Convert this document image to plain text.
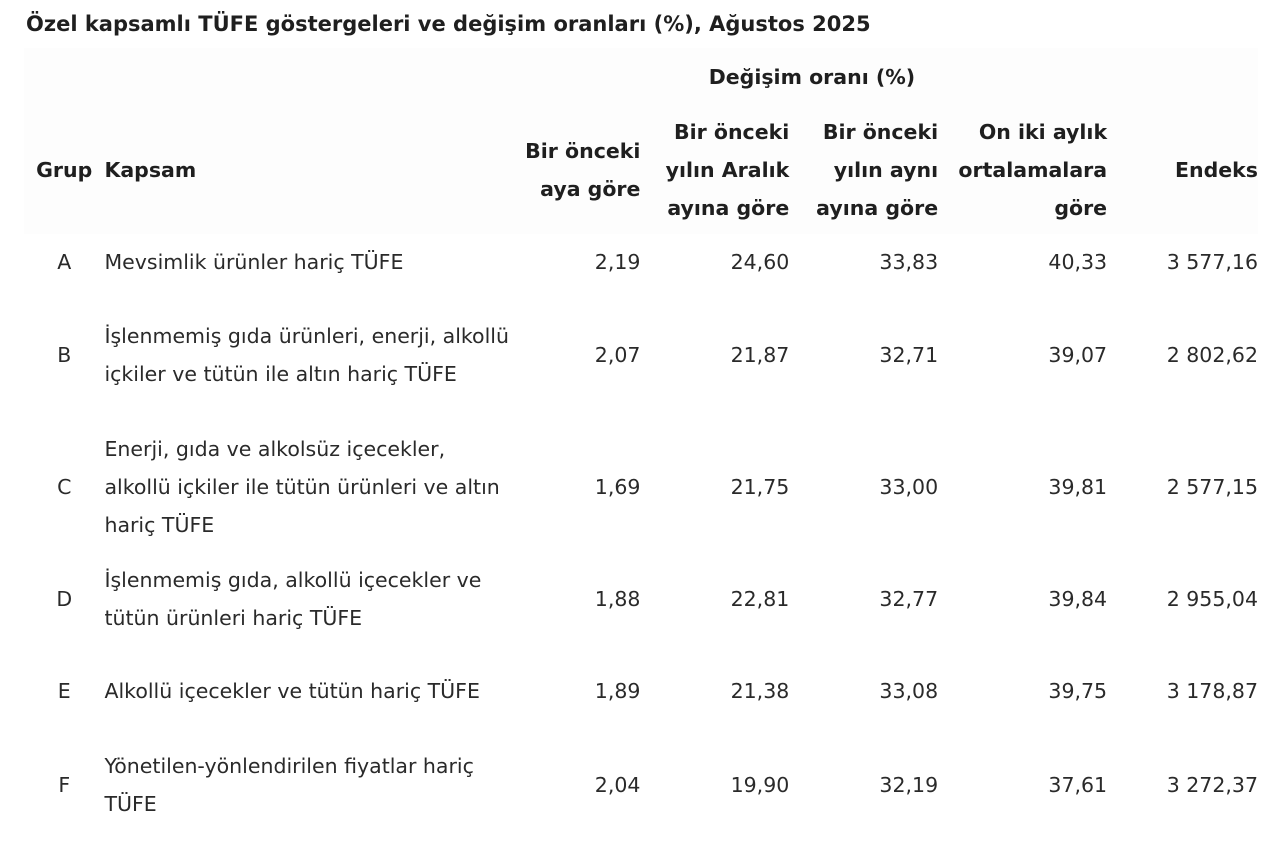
Özel kapsamlı TÜFE göstergeleri ve değişim oranları (%), Ağustos 2025
		Değişim oranı (%)				
Grup	Kapsam	Bir önceki aya göre	Bir önceki yılın Aralık ayına göre	Bir önceki yılın aynı ayına göre	On iki aylık ortalamalara göre	Endeks
A	Mevsimlik ürünler hariç TÜFE	2,19	24,60	33,83	40,33	3 577,16
B	İşlenmemiş gıda ürünleri, enerji, alkollü içkiler ve tütün ile altın hariç TÜFE	2,07	21,87	32,71	39,07	2 802,62
C	Enerji, gıda ve alkolsüz içecekler, alkollü içkiler ile tütün ürünleri ve altın hariç TÜFE	1,69	21,75	33,00	39,81	2 577,15
D	İşlenmemiş gıda, alkollü içecekler ve tütün ürünleri hariç TÜFE	1,88	22,81	32,77	39,84	2 955,04
E	Alkollü içecekler ve tütün hariç TÜFE	1,89	21,38	33,08	39,75	3 178,87
F	Yönetilen-yönlendirilen fiyatlar hariç TÜFE	2,04	19,90	32,19	37,61	3 272,37
